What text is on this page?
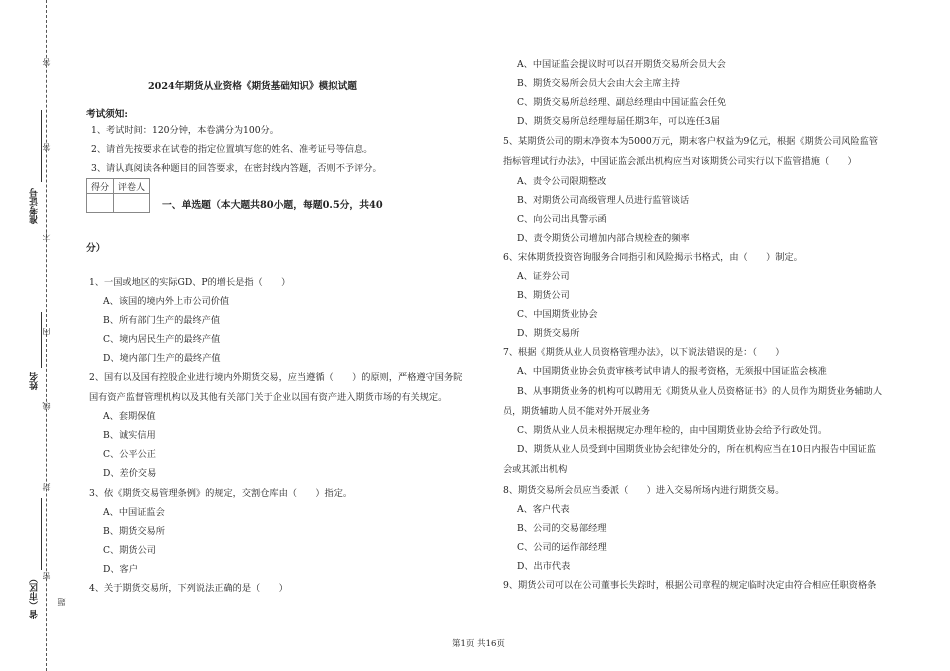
答
答
不
内
线
封
密
题
准考证号
姓名
省（市区）
2024年期货从业资格《期货基础知识》模拟试题
考试须知:
1、考试时间：120分钟，本卷满分为100分。
2、请首先按要求在试卷的指定位置填写您的姓名、准考证号等信息。
3、请认真阅读各种题目的回答要求，在密封线内答题，否则不予评分。
得分	评卷人

一、单选题（本大题共80小题，每题0.5分，共40
分）
1、一国或地区的实际GD、P的增长是指（　　）
A、该国的境内外上市公司价值
B、所有部门生产的最终产值
C、境内居民生产的最终产值
D、境内部门生产的最终产值
2、国有以及国有控股企业进行境内外期货交易，应当遵循（　　）的原则，严格遵守国务院
国有资产监督管理机构以及其他有关部门关于企业以国有资产进入期货市场的有关规定。
A、套期保值
B、诚实信用
C、公平公正
D、差价交易
3、依《期货交易管理条例》的规定，交割仓库由（　　）指定。
A、中国证监会
B、期货交易所
C、期货公司
D、客户
4、关于期货交易所，下列说法正确的是（　　）
A、中国证监会提议时可以召开期货交易所会员大会
B、期货交易所会员大会由大会主席主持
C、期货交易所总经理、副总经理由中国证监会任免
D、期货交易所总经理每届任期3年，可以连任3届
5、某期货公司的期末净资本为5000万元，期末客户权益为9亿元，根据《期货公司风险监管
指标管理试行办法》，中国证监会派出机构应当对该期货公司实行以下监管措施（　　）
A、责令公司限期整改
B、对期货公司高级管理人员进行监管谈话
C、向公司出具警示函
D、责令期货公司增加内部合规检查的频率
6、宋体期货投资咨询服务合同指引和风险揭示书格式，由（　　）制定。
A、证券公司
B、期货公司
C、中国期货业协会
D、期货交易所
7、根据《期货从业人员资格管理办法》，以下说法错误的是：（　　）
A、中国期货业协会负责审核考试申请人的报考资格，无须报中国证监会核准
B、从事期货业务的机构可以聘用无《期货从业人员资格证书》的人员作为期货业务辅助人
员，期货辅助人员不能对外开展业务
C、期货从业人员未根据规定办理年检的，由中国期货业协会给予行政处罚。
D、期货从业人员受到中国期货业协会纪律处分的，所在机构应当在10日内报告中国证监
会或其派出机构
8、期货交易所会员应当委派（　　）进入交易所场内进行期货交易。
A、客户代表
B、公司的交易部经理
C、公司的运作部经理
D、出市代表
9、期货公司可以在公司董事长失踪时，根据公司章程的规定临时决定由符合相应任职资格条
第1页 共16页
